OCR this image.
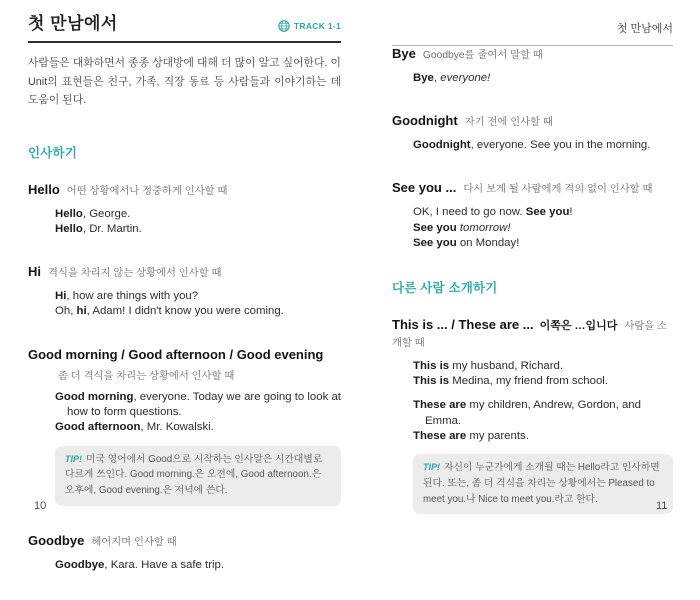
첫 만남에서	TRACK 1-1

사람들은 대화하면서 종종 상대방에 대해 더 많이 알고 싶어한다. 이 Unit의 표현들은 친구, 가족, 직장 동료 등 사람들과 이야기하는 데 도움이 된다.

인사하기
Hello 어떤 상황에서나 정중하게 인사할 때
Hello, George.
Hello, Dr. Martin.
Hi 격식을 차리지 않는 상황에서 인사할 때
Hi, how are things with you?
Oh, hi, Adam! I didn't know you were coming.
Good morning / Good afternoon / Good evening
좀 더 격식을 차리는 상황에서 인사할 때
Good morning, everyone. Today we are going to look at how to form questions.
Good afternoon, Mr. Kowalski.
TIP! 미국 영어에서 Good으로 시작하는 인사말은 시간대별로 다르게 쓰인다. Good morning.은 오전에, Good afternoon.은 오후에, Good evening.은 저녁에 쓴다.
Goodbye 헤어지며 인사할 때
Goodbye, Kara. Have a safe trip.
첫 만남에서
Bye Goodbye를 줄여서 말할 때
Bye, everyone!
Goodnight 자기 전에 인사할 때
Goodnight, everyone. See you in the morning.
See you ... 다시 보게 될 사람에게 격의 없이 인사할 때
OK, I need to go now. See you!
See you tomorrow!
See you on Monday!
다른 사람 소개하기
This is ... / These are ... 이쪽은 …입니다 사람을 소개할 때
This is my husband, Richard.
This is Medina, my friend from school.
These are my children, Andrew, Gordon, and Emma.
These are my parents.
TIP! 자신이 누군가에게 소개될 때는 Hello라고 인사하면 된다. 또는, 좀 더 격식을 차리는 상황에서는 Pleased to meet you.나 Nice to meet you.라고 한다.
10	11
